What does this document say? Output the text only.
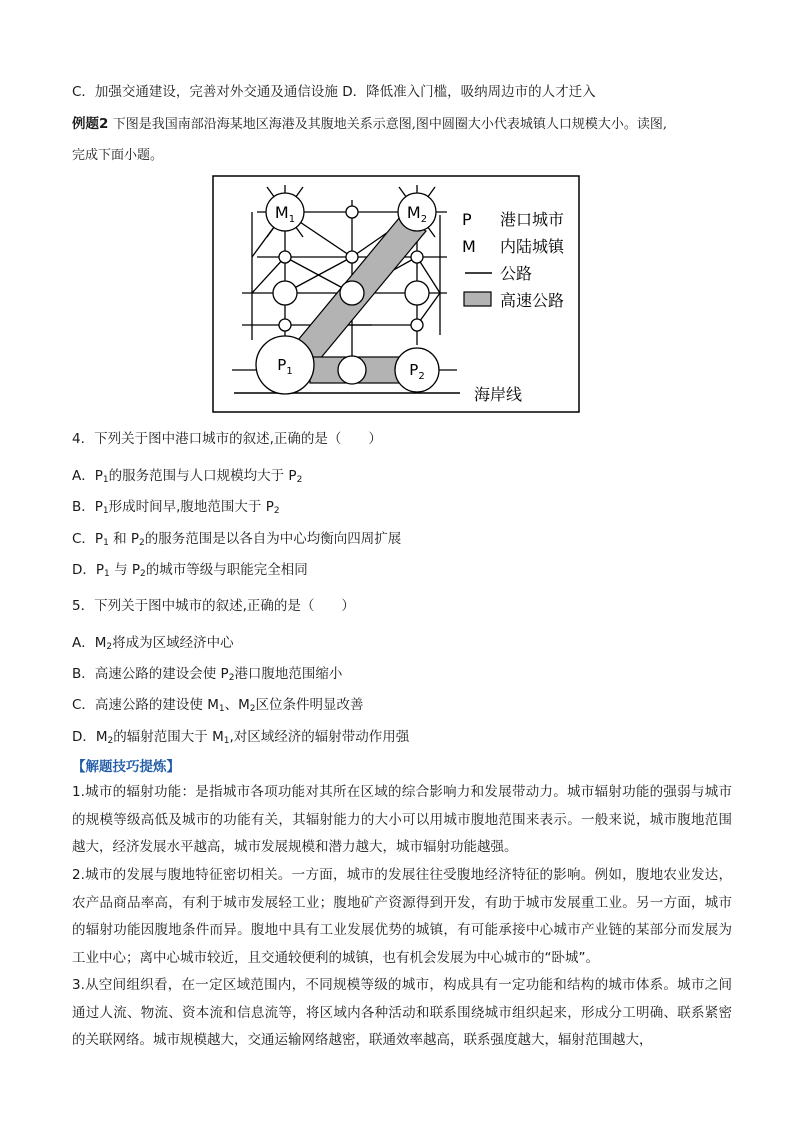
C．加强交通建设，完善对外交通及通信设施 D．降低准入门槛，吸纳周边市的人才迁入
例题2 下图是我国南部沿海某地区海港及其腹地关系示意图,图中圆圈大小代表城镇人口规模大小。读图,
完成下面小题。
$M_1$	$M_2$
$P_1$	$P_2$
P 港口城市
M 内陆城镇
公路
高速公路
海岸线
4．下列关于图中港口城市的叙述,正确的是（　　）
A．$P_1$的服务范围与人口规模均大于 $P_2$
B．$P_1$形成时间早,腹地范围大于 $P_2$
C．$P_1$ 和 $P_2$的服务范围是以各自为中心均衡向四周扩展
D．$P_1$ 与 $P_2$的城市等级与职能完全相同
5．下列关于图中城市的叙述,正确的是（　　）
A．$M_2$将成为区域经济中心
B．高速公路的建设会使 $P_2$港口腹地范围缩小
C．高速公路的建设使 $M_1$、$M_2$区位条件明显改善
D．$M_2$的辐射范围大于 $M_1$,对区域经济的辐射带动作用强
【解题技巧提炼】
1.城市的辐射功能：是指城市各项功能对其所在区域的综合影响力和发展带动力。城市辐射功能的强弱与城市的规模等级高低及城市的功能有关，其辐射能力的大小可以用城市腹地范围来表示。一般来说，城市腹地范围越大，经济发展水平越高，城市发展规模和潜力越大，城市辐射功能越强。
2.城市的发展与腹地特征密切相关。一方面，城市的发展往往受腹地经济特征的影响。例如，腹地农业发达，农产品商品率高，有利于城市发展轻工业；腹地矿产资源得到开发，有助于城市发展重工业。另一方面，城市的辐射功能因腹地条件而异。腹地中具有工业发展优势的城镇，有可能承接中心城市产业链的某部分而发展为工业中心；离中心城市较近，且交通较便利的城镇，也有机会发展为中心城市的“卧城”。
3.从空间组织看，在一定区域范围内，不同规模等级的城市，构成具有一定功能和结构的城市体系。城市之间通过人流、物流、资本流和信息流等，将区域内各种活动和联系围绕城市组织起来，形成分工明确、联系紧密的关联网络。城市规模越大，交通运输网络越密，联通效率越高，联系强度越大，辐射范围越大，
